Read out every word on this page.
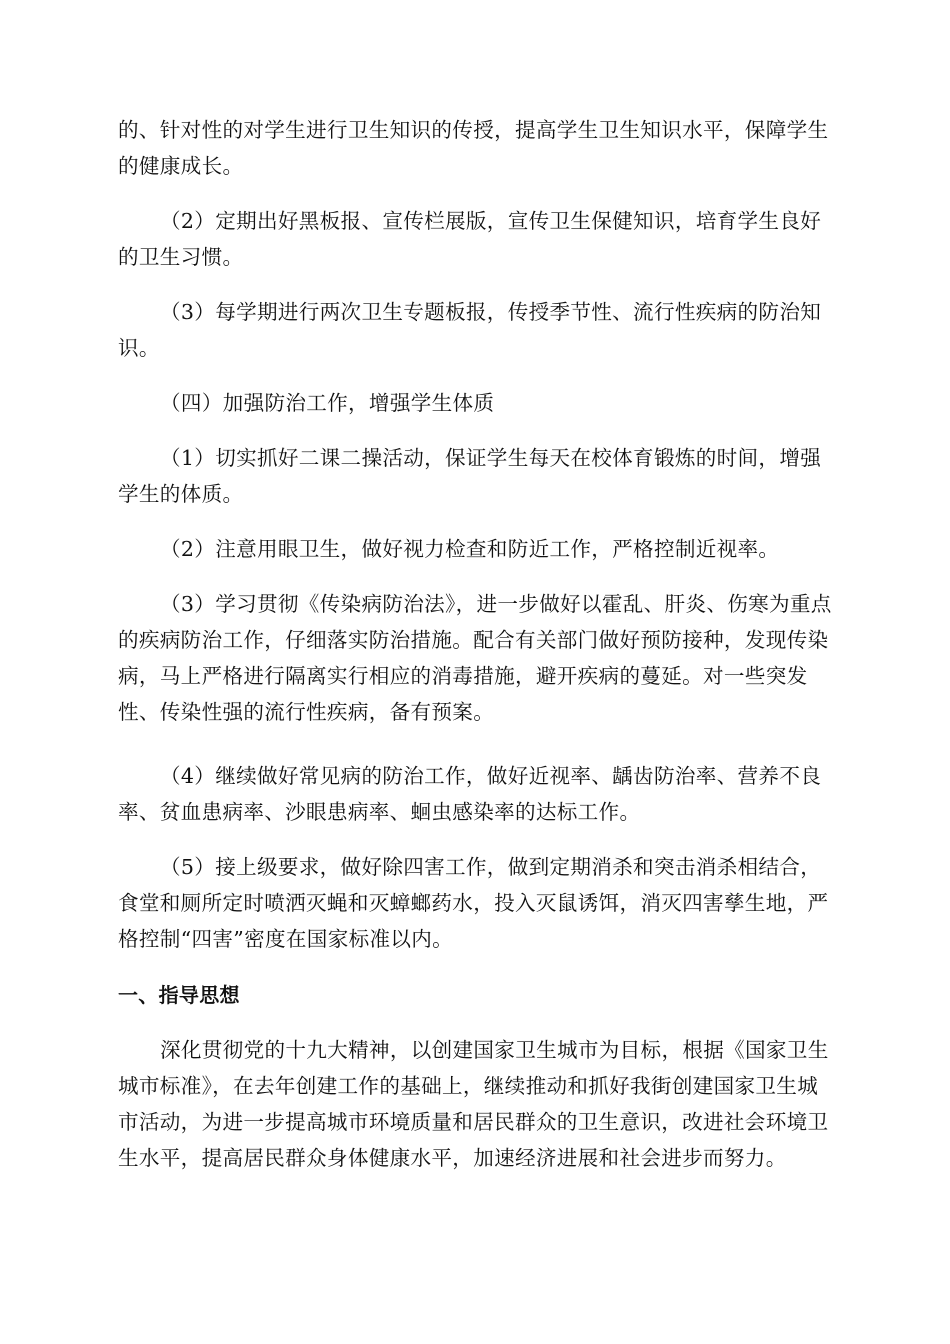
的、针对性的对学生进行卫生知识的传授，提高学生卫生知识水平，保障学生的健康成长。

（2）定期出好黑板报、宣传栏展版，宣传卫生保健知识，培育学生良好的卫生习惯。

（3）每学期进行两次卫生专题板报，传授季节性、流行性疾病的防治知识。

（四）加强防治工作，增强学生体质

（1）切实抓好二课二操活动，保证学生每天在校体育锻炼的时间，增强学生的体质。

（2）注意用眼卫生，做好视力检查和防近工作，严格控制近视率。

（3）学习贯彻《传染病防治法》，进一步做好以霍乱、肝炎、伤寒为重点的疾病防治工作，仔细落实防治措施。配合有关部门做好预防接种，发现传染病，马上严格进行隔离实行相应的消毒措施，避开疾病的蔓延。对一些突发性、传染性强的流行性疾病，备有预案。

（4）继续做好常见病的防治工作，做好近视率、龋齿防治率、营养不良率、贫血患病率、沙眼患病率、蛔虫感染率的达标工作。

（5）接上级要求，做好除四害工作，做到定期消杀和突击消杀相结合，食堂和厕所定时喷洒灭蝇和灭蟑螂药水，投入灭鼠诱饵，消灭四害孳生地，严格控制“四害”密度在国家标准以内。

一、指导思想

深化贯彻党的十九大精神，以创建国家卫生城市为目标，根据《国家卫生城市标准》，在去年创建工作的基础上，继续推动和抓好我街创建国家卫生城市活动，为进一步提高城市环境质量和居民群众的卫生意识，改进社会环境卫生水平，提高居民群众身体健康水平，加速经济进展和社会进步而努力。
